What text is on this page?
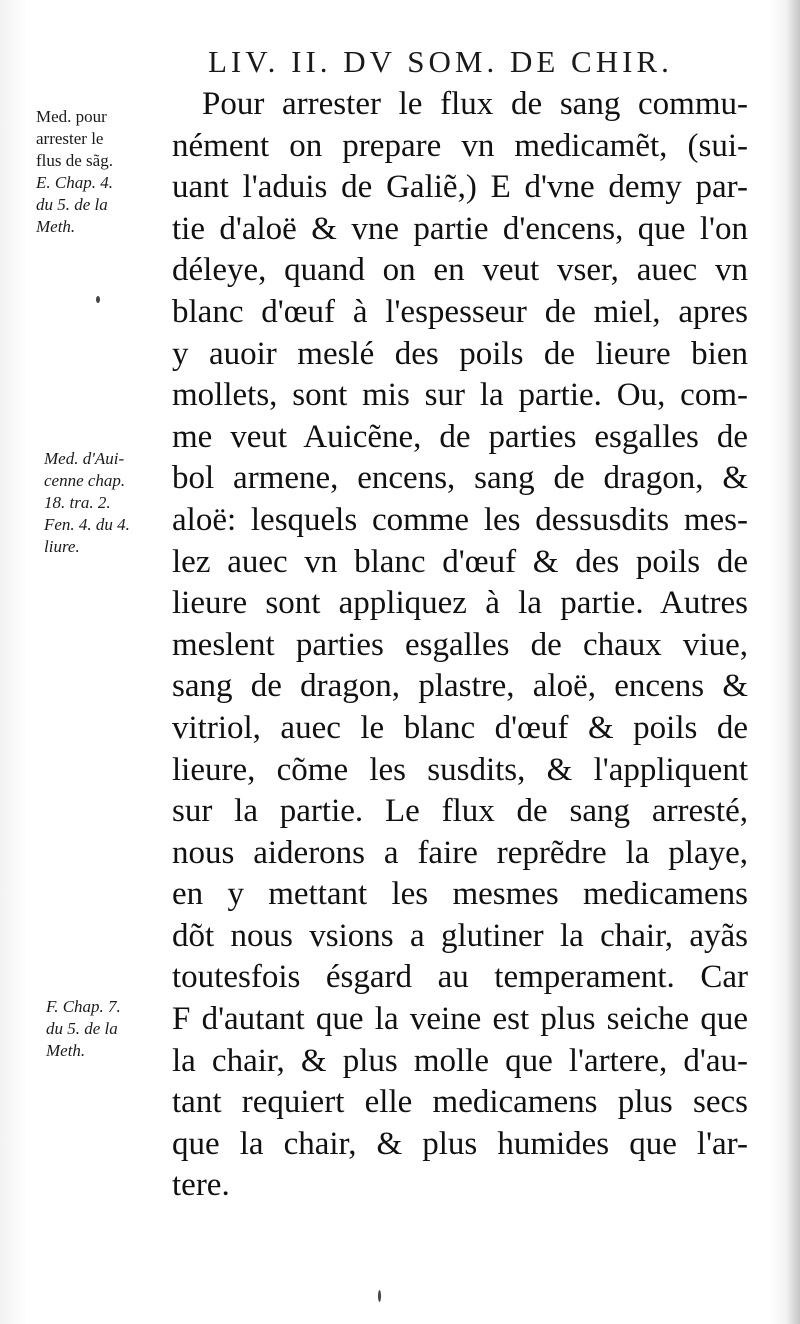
LIV. II. DV SOM. DE CHIR.
Med. pour
arrester le
flus de sãg.
E. Chap. 4.
du 5. de la
Meth.
Med. d'Aui-
cenne chap.
18. tra. 2.
Fen. 4. du 4.
liure.
F. Chap. 7.
du 5. de la
Meth.
Pour arrester le flux de sang commu-
nément on prepare vn medicamẽt, (sui-
uant l'aduis de Galiẽ,) E d'vne demy par-
tie d'aloë & vne partie d'encens, que l'on
déleye, quand on en veut vser, auec vn
blanc d'œuf à l'espesseur de miel, apres
y auoir meslé des poils de lieure bien
mollets, sont mis sur la partie. Ou, com-
me veut Auicẽne, de parties esgalles de
bol armene, encens, sang de dragon, &
aloë: lesquels comme les dessusdits mes-
lez auec vn blanc d'œuf & des poils de
lieure sont appliquez à la partie. Autres
meslent parties esgalles de chaux viue,
sang de dragon, plastre, aloë, encens &
vitriol, auec le blanc d'œuf & poils de
lieure, cõme les susdits, & l'appliquent
sur la partie. Le flux de sang arresté,
nous aiderons a faire reprẽdre la playe,
en y mettant les mesmes medicamens
dõt nous vsions a glutiner la chair, ayãs
toutesfois ésgard au temperament. Car
F d'autant que la veine est plus seiche que
la chair, & plus molle que l'artere, d'au-
tant requiert elle medicamens plus secs
que la chair, & plus humides que l'ar-
tere.
